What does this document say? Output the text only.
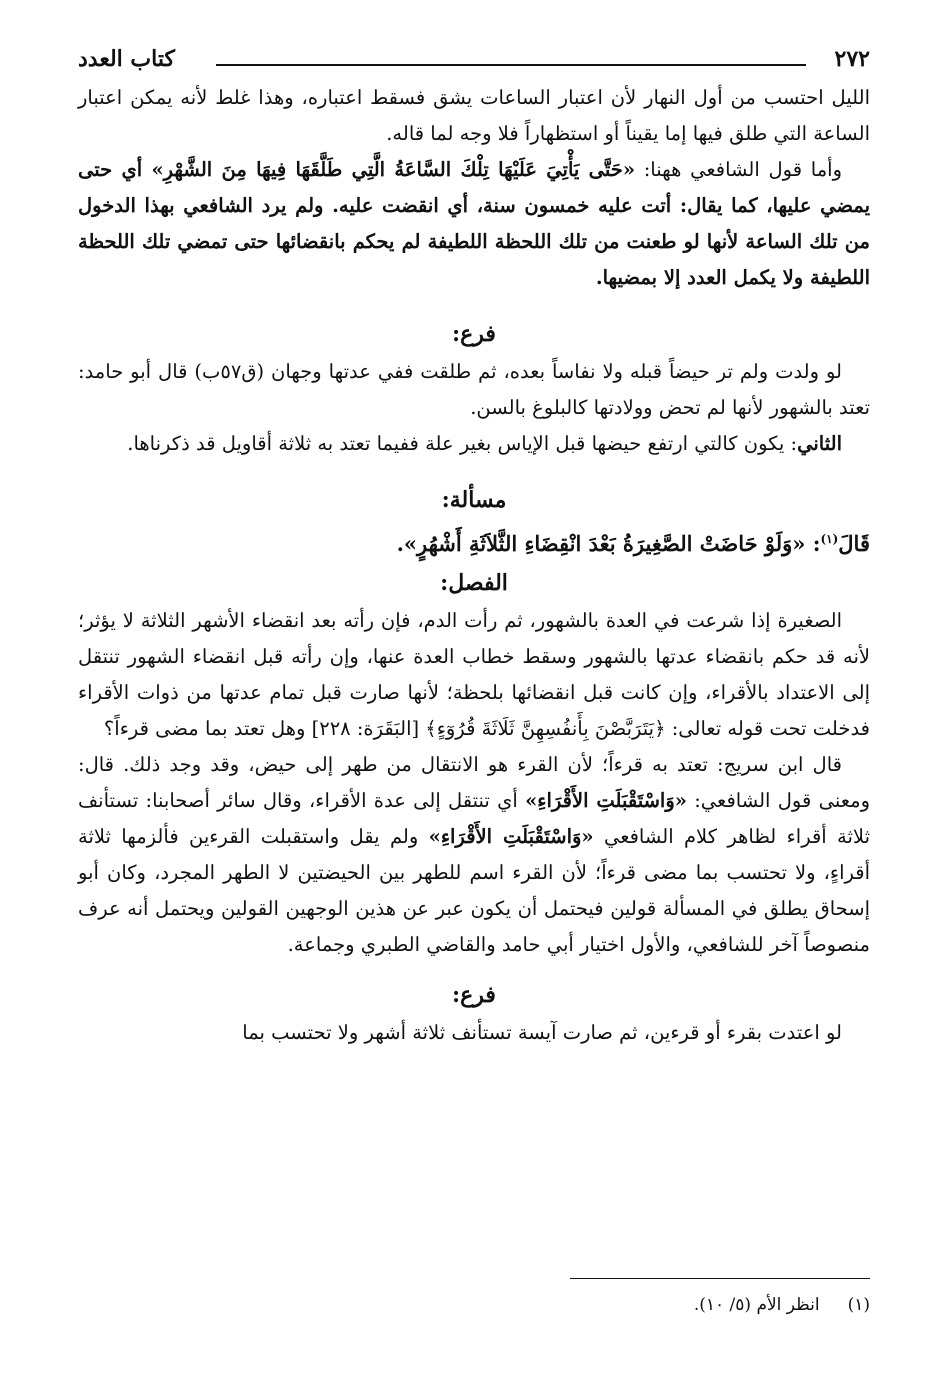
٢٧٢
كتاب العدد

الليل احتسب من أول النهار لأن اعتبار الساعات يشق فسقط اعتباره، وهذا غلط لأنه يمكن اعتبار الساعة التي طلق فيها إما يقيناً أو استظهاراً فلا وجه لما قاله.

وأما قول الشافعي ههنا: «حَتَّى يَأْتِيَ عَلَيْهَا تِلْكَ السَّاعَةُ الَّتِي طَلَّقَهَا فِيهَا مِنَ الشَّهْرِ» أي حتى يمضي عليها، كما يقال: أتت عليه خمسون سنة، أي انقضت عليه. ولم يرد الشافعي بهذا الدخول من تلك الساعة لأنها لو طعنت من تلك اللحظة اللطيفة لم يحكم بانقضائها حتى تمضي تلك اللحظة اللطيفة ولا يكمل العدد إلا بمضيها.

فرع:

لو ولدت ولم تر حيضاً قبله ولا نفاساً بعده، ثم طلقت ففي عدتها وجهان (ق٥٧ب) قال أبو حامد: تعتد بالشهور لأنها لم تحض وولادتها كالبلوغ بالسن.

الثاني: يكون كالتي ارتفع حيضها قبل الإياس بغير علة ففيما تعتد به ثلاثة أقاويل قد ذكرناها.

مسألة:

قَالَ$^{(١)}$: «وَلَوْ حَاضَتْ الصَّغِيرَةُ بَعْدَ انْقِضَاءِ الثَّلاَثَةِ أَشْهُرٍ».

الفصل:

الصغيرة إذا شرعت في العدة بالشهور، ثم رأت الدم، فإن رأته بعد انقضاء الأشهر الثلاثة لا يؤثر؛ لأنه قد حكم بانقضاء عدتها بالشهور وسقط خطاب العدة عنها، وإن رأته قبل انقضاء الشهور تنتقل إلى الاعتداد بالأقراء، وإن كانت قبل انقضائها بلحظة؛ لأنها صارت قبل تمام عدتها من ذوات الأقراء فدخلت تحت قوله تعالى: ﴿يَتَرَبَّصْنَ بِأَنفُسِهِنَّ ثَلَاثَةَ قُرُوٓءٍ﴾ [البَقَرَة: ٢٢٨] وهل تعتد بما مضى قرءاً؟

قال ابن سريج: تعتد به قرءاً؛ لأن القرء هو الانتقال من طهر إلى حيض، وقد وجد ذلك. قال: ومعنى قول الشافعي: «وَاسْتَقْبَلَتِ الأَقْرَاءِ» أي تنتقل إلى عدة الأقراء، وقال سائر أصحابنا: تستأنف ثلاثة أقراء لظاهر كلام الشافعي «وَاسْتَقْبَلَتِ الأَقْرَاءِ» ولم يقل واستقبلت القرءين فألزمها ثلاثة أقراءٍ، ولا تحتسب بما مضى قرءاً؛ لأن القرء اسم للطهر بين الحيضتين لا الطهر المجرد، وكان أبو إسحاق يطلق في المسألة قولين فيحتمل أن يكون عبر عن هذين الوجهين القولين ويحتمل أنه عرف منصوصاً آخر للشافعي، والأول اختيار أبي حامد والقاضي الطبري وجماعة.

فرع:

لو اعتدت بقرء أو قرءين، ثم صارت آيسة تستأنف ثلاثة أشهر ولا تحتسب بما

(١)انظر الأم (٥/ ١٠).
